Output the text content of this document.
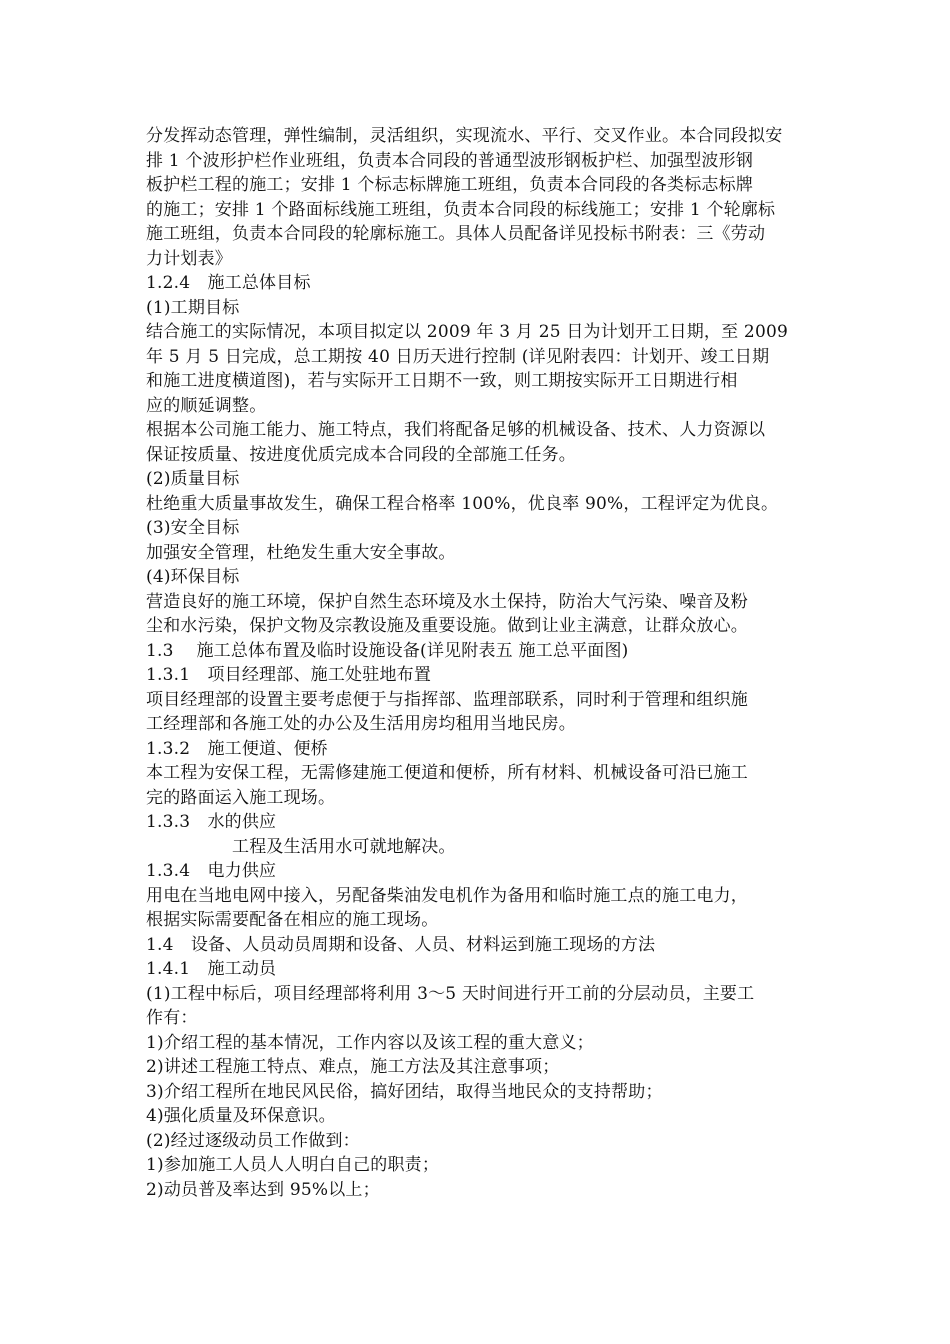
分发挥动态管理，弹性编制，灵活组织，实现流水、平行、交叉作业。本合同段拟安
排 1 个波形护栏作业班组，负责本合同段的普通型波形钢板护栏、加强型波形钢
板护栏工程的施工；安排 1 个标志标牌施工班组，负责本合同段的各类标志标牌
的施工；安排 1 个路面标线施工班组，负责本合同段的标线施工；安排 1 个轮廓标
施工班组，负责本合同段的轮廓标施工。具体人员配备详见投标书附表：三《劳动
力计划表》
1.2.4　施工总体目标
(1)工期目标
结合施工的实际情况，本项目拟定以 2009 年 3 月 25 日为计划开工日期，至 2009
年 5 月 5 日完成，总工期按 40 日历天进行控制 (详见附表四：计划开、竣工日期
和施工进度横道图)，若与实际开工日期不一致，则工期按实际开工日期进行相
应的顺延调整。
根据本公司施工能力、施工特点，我们将配备足够的机械设备、技术、人力资源以
保证按质量、按进度优质完成本合同段的全部施工任务。
(2)质量目标
杜绝重大质量事故发生，确保工程合格率 100%，优良率 90%，工程评定为优良。
(3)安全目标
加强安全管理，杜绝发生重大安全事故。
(4)环保目标
营造良好的施工环境，保护自然生态环境及水土保持，防治大气污染、噪音及粉
尘和水污染，保护文物及宗教设施及重要设施。做到让业主满意，让群众放心。
1.3　 施工总体布置及临时设施设备(详见附表五 施工总平面图)
1.3.1　项目经理部、施工处驻地布置
项目经理部的设置主要考虑便于与指挥部、监理部联系，同时利于管理和组织施
工经理部和各施工处的办公及生活用房均租用当地民房。
1.3.2　施工便道、便桥
本工程为安保工程，无需修建施工便道和便桥，所有材料、机械设备可沿已施工
完的路面运入施工现场。
1.3.3　水的供应
工程及生活用水可就地解决。
1.3.4　电力供应
用电在当地电网中接入，另配备柴油发电机作为备用和临时施工点的施工电力，
根据实际需要配备在相应的施工现场。
1.4　设备、人员动员周期和设备、人员、材料运到施工现场的方法
1.4.1　施工动员
(1)工程中标后，项目经理部将利用 3～5 天时间进行开工前的分层动员，主要工
作有：
1)介绍工程的基本情况，工作内容以及该工程的重大意义；
2)讲述工程施工特点、难点，施工方法及其注意事项；
3)介绍工程所在地民风民俗，搞好团结，取得当地民众的支持帮助；
4)强化质量及环保意识。
(2)经过逐级动员工作做到：
1)参加施工人员人人明白自己的职责；
2)动员普及率达到 95%以上；
